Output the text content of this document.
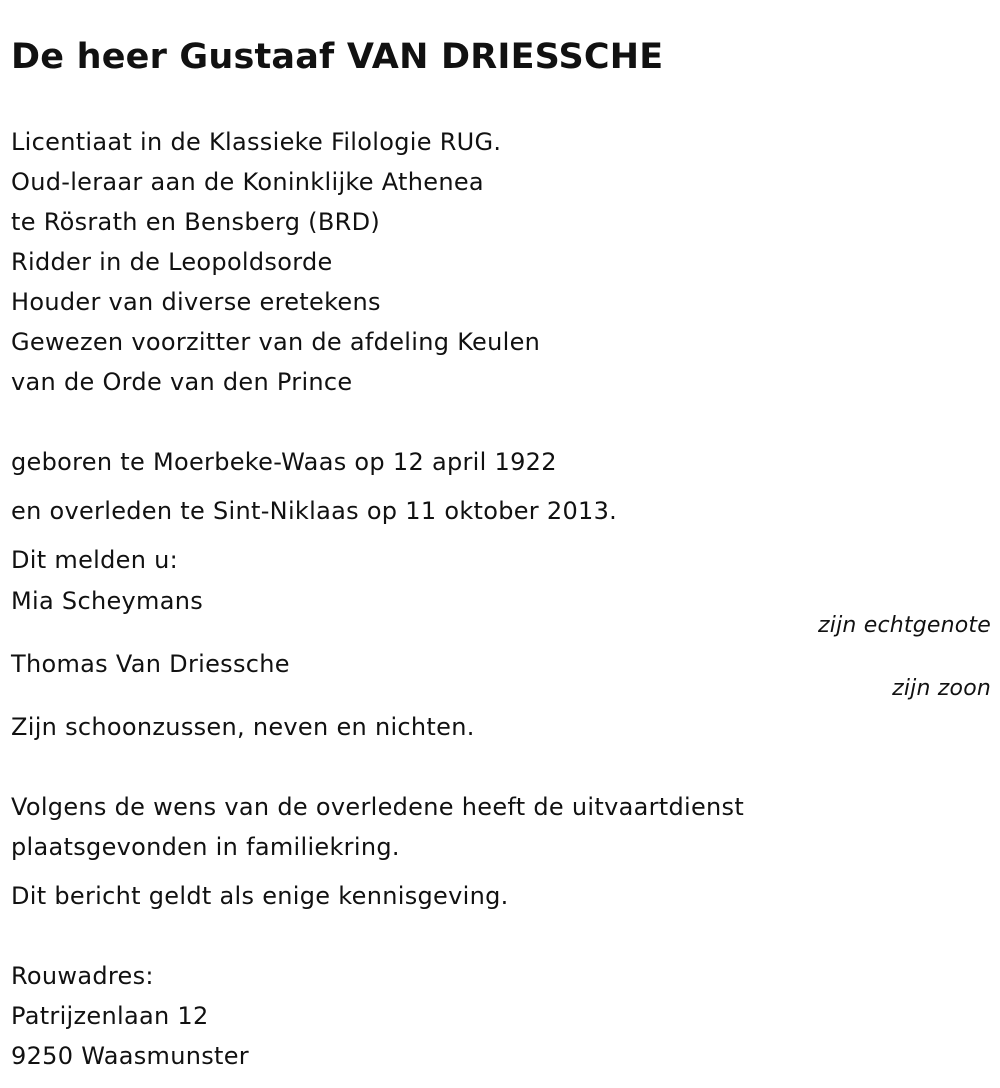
De heer Gustaaf VAN DRIESSCHE
Licentiaat in de Klassieke Filologie RUG.
Oud-leraar aan de Koninklijke Athenea
te Rösrath en Bensberg (BRD)
Ridder in de Leopoldsorde
Houder van diverse eretekens
Gewezen voorzitter van de afdeling Keulen
van de Orde van den Prince
geboren te Moerbeke-Waas op 12 april 1922
en overleden te Sint-Niklaas op 11 oktober 2013.
Dit melden u:
Mia Scheymans
zijn echtgenote
Thomas Van Driessche
zijn zoon
Zijn schoonzussen, neven en nichten.
Volgens de wens van de overledene heeft de uitvaartdienst
plaatsgevonden in familiekring.
Dit bericht geldt als enige kennisgeving.
Rouwadres:
Patrijzenlaan 12
9250 Waasmunster
